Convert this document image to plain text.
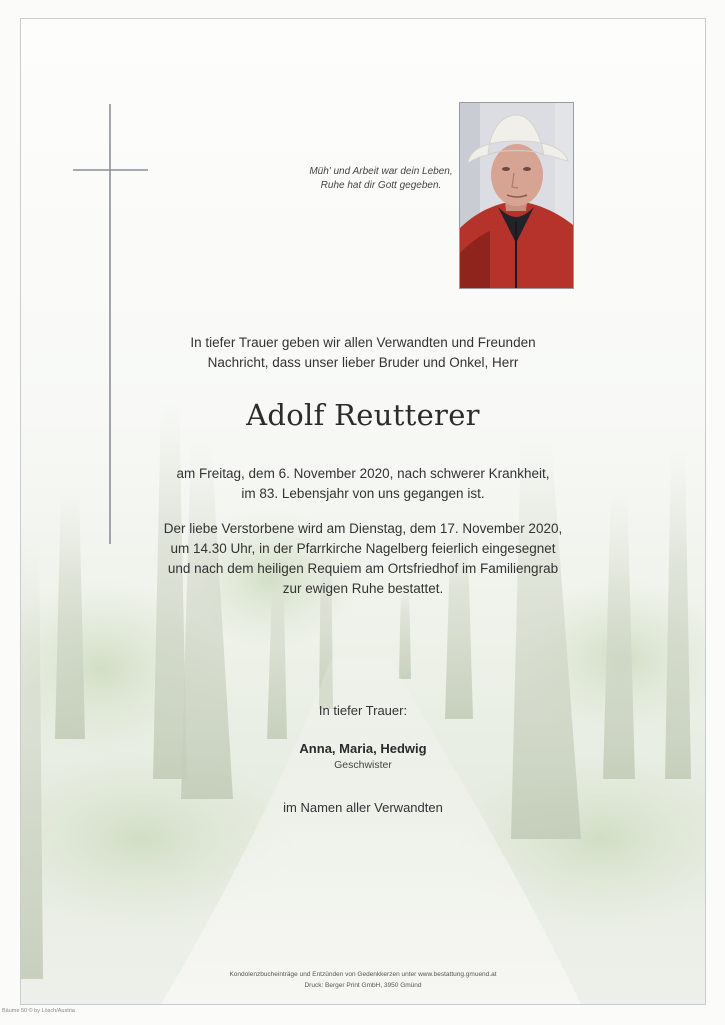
Müh' und Arbeit war dein Leben,
Ruhe hat dir Gott gegeben.
In tiefer Trauer geben wir allen Verwandten und Freunden
Nachricht, dass unser lieber Bruder und Onkel, Herr
Adolf Reutterer
am Freitag, dem 6. November 2020, nach schwerer Krankheit,
im 83. Lebensjahr von uns gegangen ist.
Der liebe Verstorbene wird am Dienstag, dem 17. November 2020,
um 14.30 Uhr, in der Pfarrkirche Nagelberg feierlich eingesegnet
und nach dem heiligen Requiem am Ortsfriedhof im Familiengrab
zur ewigen Ruhe bestattet.
In tiefer Trauer:
Anna, Maria, Hedwig
Geschwister
im Namen aller Verwandten
Kondolenzbucheinträge und Entzünden von Gedenkkerzen unter www.bestattung.gmuend.at
Druck: Berger Print GmbH, 3950 Gmünd
Bäume 50 © by Lösch/Austria
